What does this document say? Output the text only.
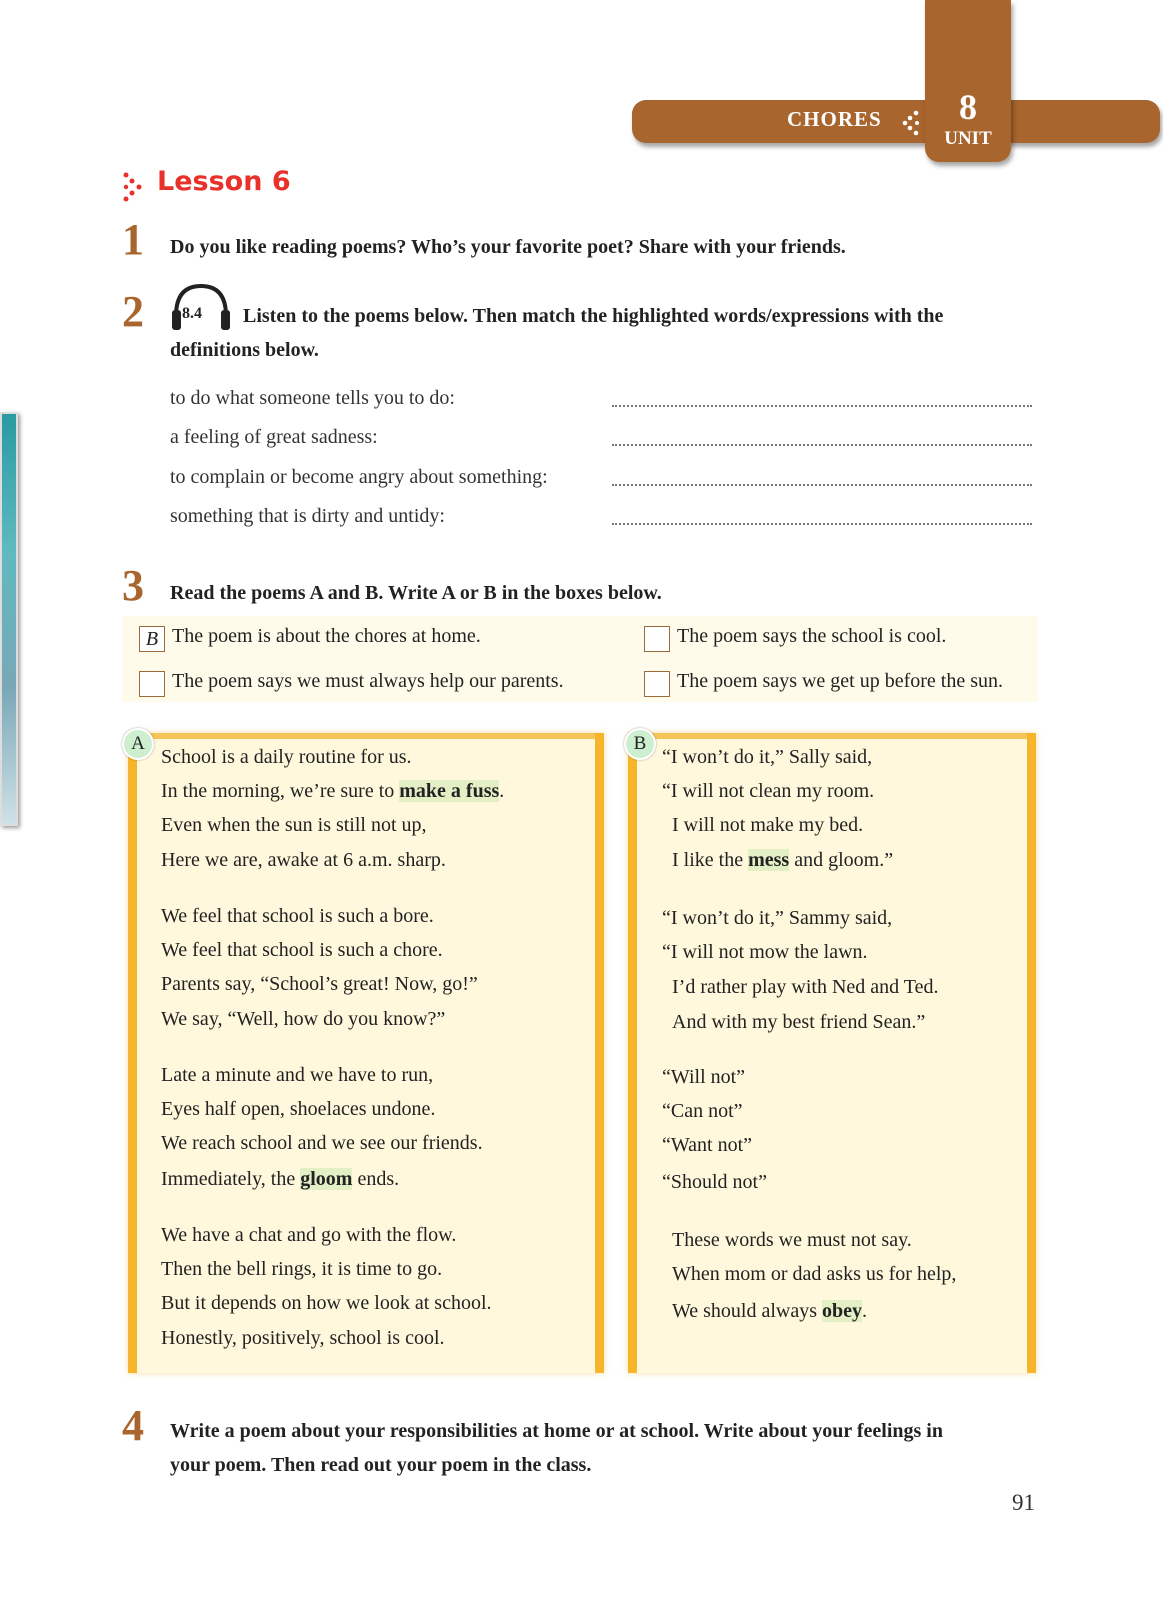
CHORES	8
UNIT
Lesson 6
1 Do you like reading poems? Who’s your favorite poet? Share with your friends.
2 8.4 Listen to the poems below. Then match the highlighted words/expressions with the
definitions below.
to do what someone tells you to do:
a feeling of great sadness:
to complain or become angry about something:
something that is dirty and untidy:
3 Read the poems A and B. Write A or B in the boxes below.
B The poem is about the chores at home.	The poem says the school is cool.
The poem says we must always help our parents.	The poem says we get up before the sun.
A
School is a daily routine for us.
In the morning, we’re sure to make a fuss.
Even when the sun is still not up,
Here we are, awake at 6 a.m. sharp.
We feel that school is such a bore.
We feel that school is such a chore.
Parents say, “School’s great! Now, go!”
We say, “Well, how do you know?”
Late a minute and we have to run,
Eyes half open, shoelaces undone.
We reach school and we see our friends.
Immediately, the gloom ends.
We have a chat and go with the flow.
Then the bell rings, it is time to go.
But it depends on how we look at school.
Honestly, positively, school is cool.
B
“I won’t do it,” Sally said,
“I will not clean my room.
I will not make my bed.
I like the mess and gloom.”
“I won’t do it,” Sammy said,
“I will not mow the lawn.
I’d rather play with Ned and Ted.
And with my best friend Sean.”
“Will not”
“Can not”
“Want not”
“Should not”
These words we must not say.
When mom or dad asks us for help,
We should always obey.
4 Write a poem about your responsibilities at home or at school. Write about your feelings in
your poem. Then read out your poem in the class.
91
